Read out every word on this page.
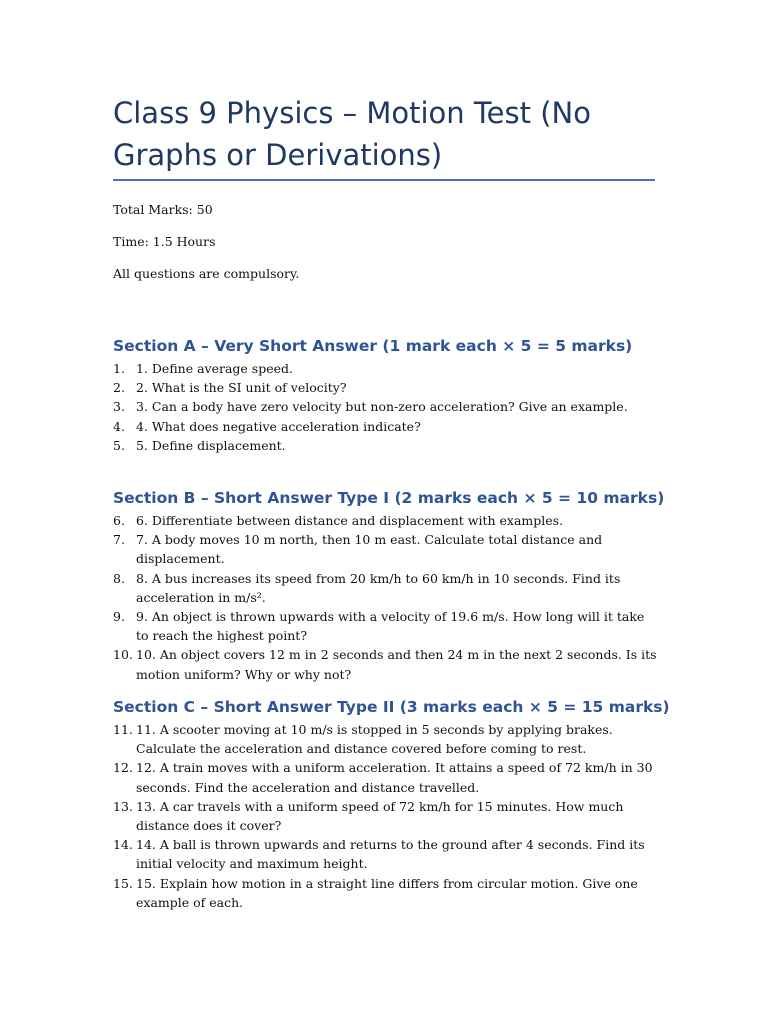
Class 9 Physics – Motion Test (No Graphs or Derivations)

Total Marks: 50

Time: 1.5 Hours

All questions are compulsory.

Section A – Very Short Answer (1 mark each × 5 = 5 marks)
1. 1. Define average speed.
2. 2. What is the SI unit of velocity?
3. 3. Can a body have zero velocity but non-zero acceleration? Give an example.
4. 4. What does negative acceleration indicate?
5. 5. Define displacement.
Section B – Short Answer Type I (2 marks each × 5 = 10 marks)
6. 6. Differentiate between distance and displacement with examples.
7. 7. A body moves 10 m north, then 10 m east. Calculate total distance and displacement.
8. 8. A bus increases its speed from 20 km/h to 60 km/h in 10 seconds. Find its acceleration in m/s².
9. 9. An object is thrown upwards with a velocity of 19.6 m/s. How long will it take to reach the highest point?
10. 10. An object covers 12 m in 2 seconds and then 24 m in the next 2 seconds. Is its motion uniform? Why or why not?
Section C – Short Answer Type II (3 marks each × 5 = 15 marks)
11. 11. A scooter moving at 10 m/s is stopped in 5 seconds by applying brakes. Calculate the acceleration and distance covered before coming to rest.
12. 12. A train moves with a uniform acceleration. It attains a speed of 72 km/h in 30 seconds. Find the acceleration and distance travelled.
13. 13. A car travels with a uniform speed of 72 km/h for 15 minutes. How much distance does it cover?
14. 14. A ball is thrown upwards and returns to the ground after 4 seconds. Find its initial velocity and maximum height.
15. 15. Explain how motion in a straight line differs from circular motion. Give one example of each.
